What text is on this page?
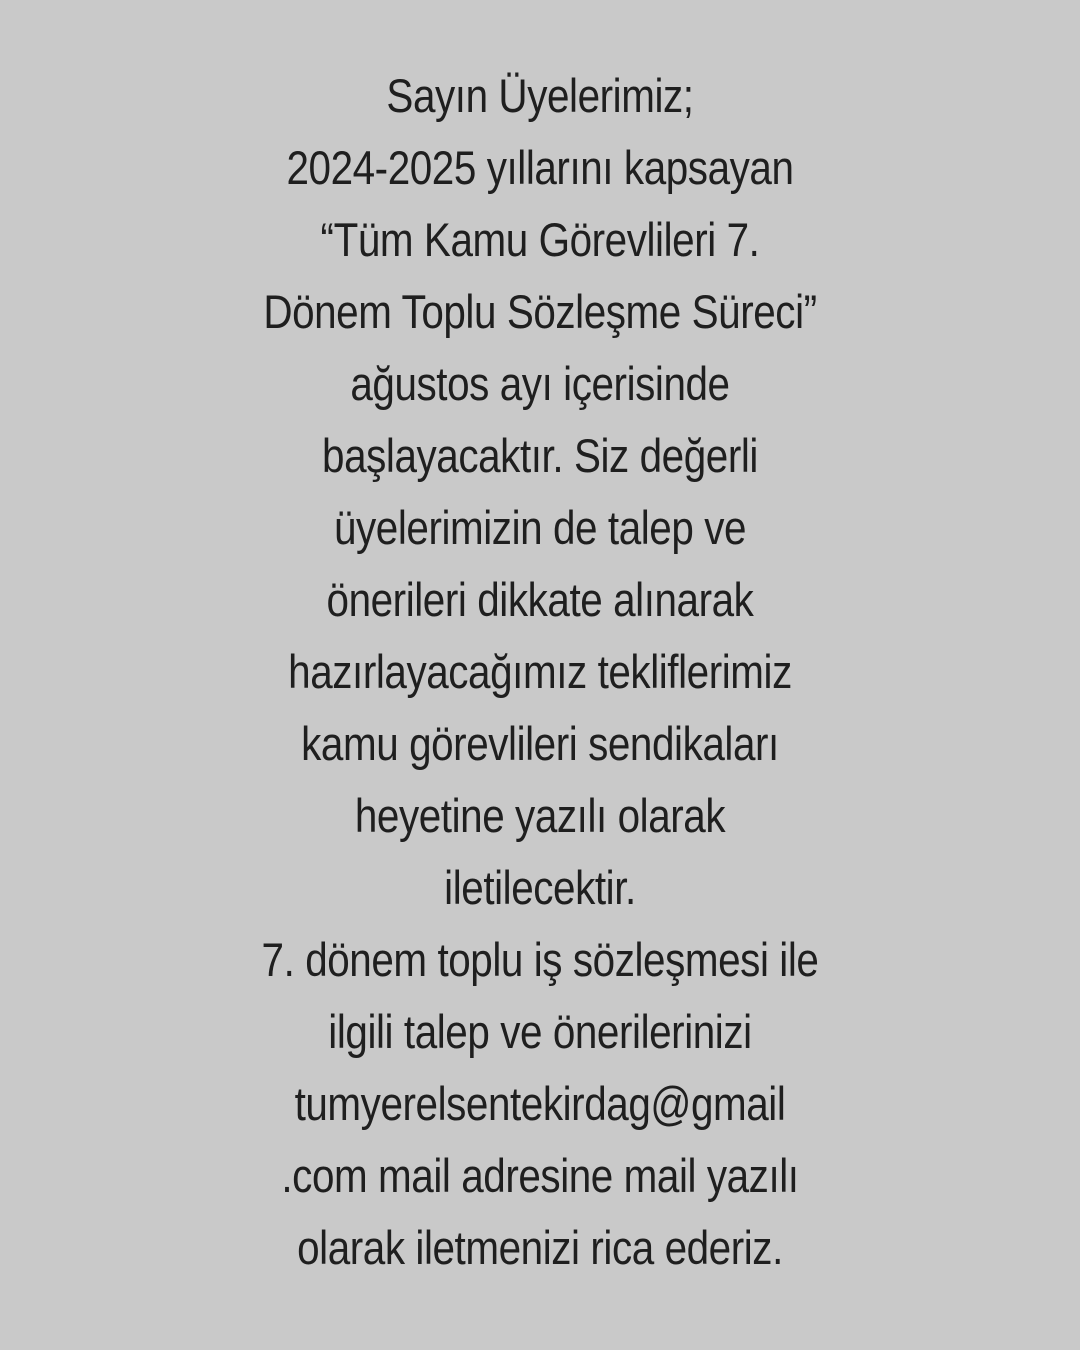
Sayın Üyelerimiz;
2024-2025 yıllarını kapsayan
“Tüm Kamu Görevlileri 7.
Dönem Toplu Sözleşme Süreci”
ağustos ayı içerisinde
başlayacaktır. Siz değerli
üyelerimizin de talep ve
önerileri dikkate alınarak
hazırlayacağımız tekliflerimiz
kamu görevlileri sendikaları
heyetine yazılı olarak
iletilecektir.
7. dönem toplu iş sözleşmesi ile
ilgili talep ve önerilerinizi
tumyerelsentekirdag@gmail
.com mail adresine mail yazılı
olarak iletmenizi rica ederiz.
